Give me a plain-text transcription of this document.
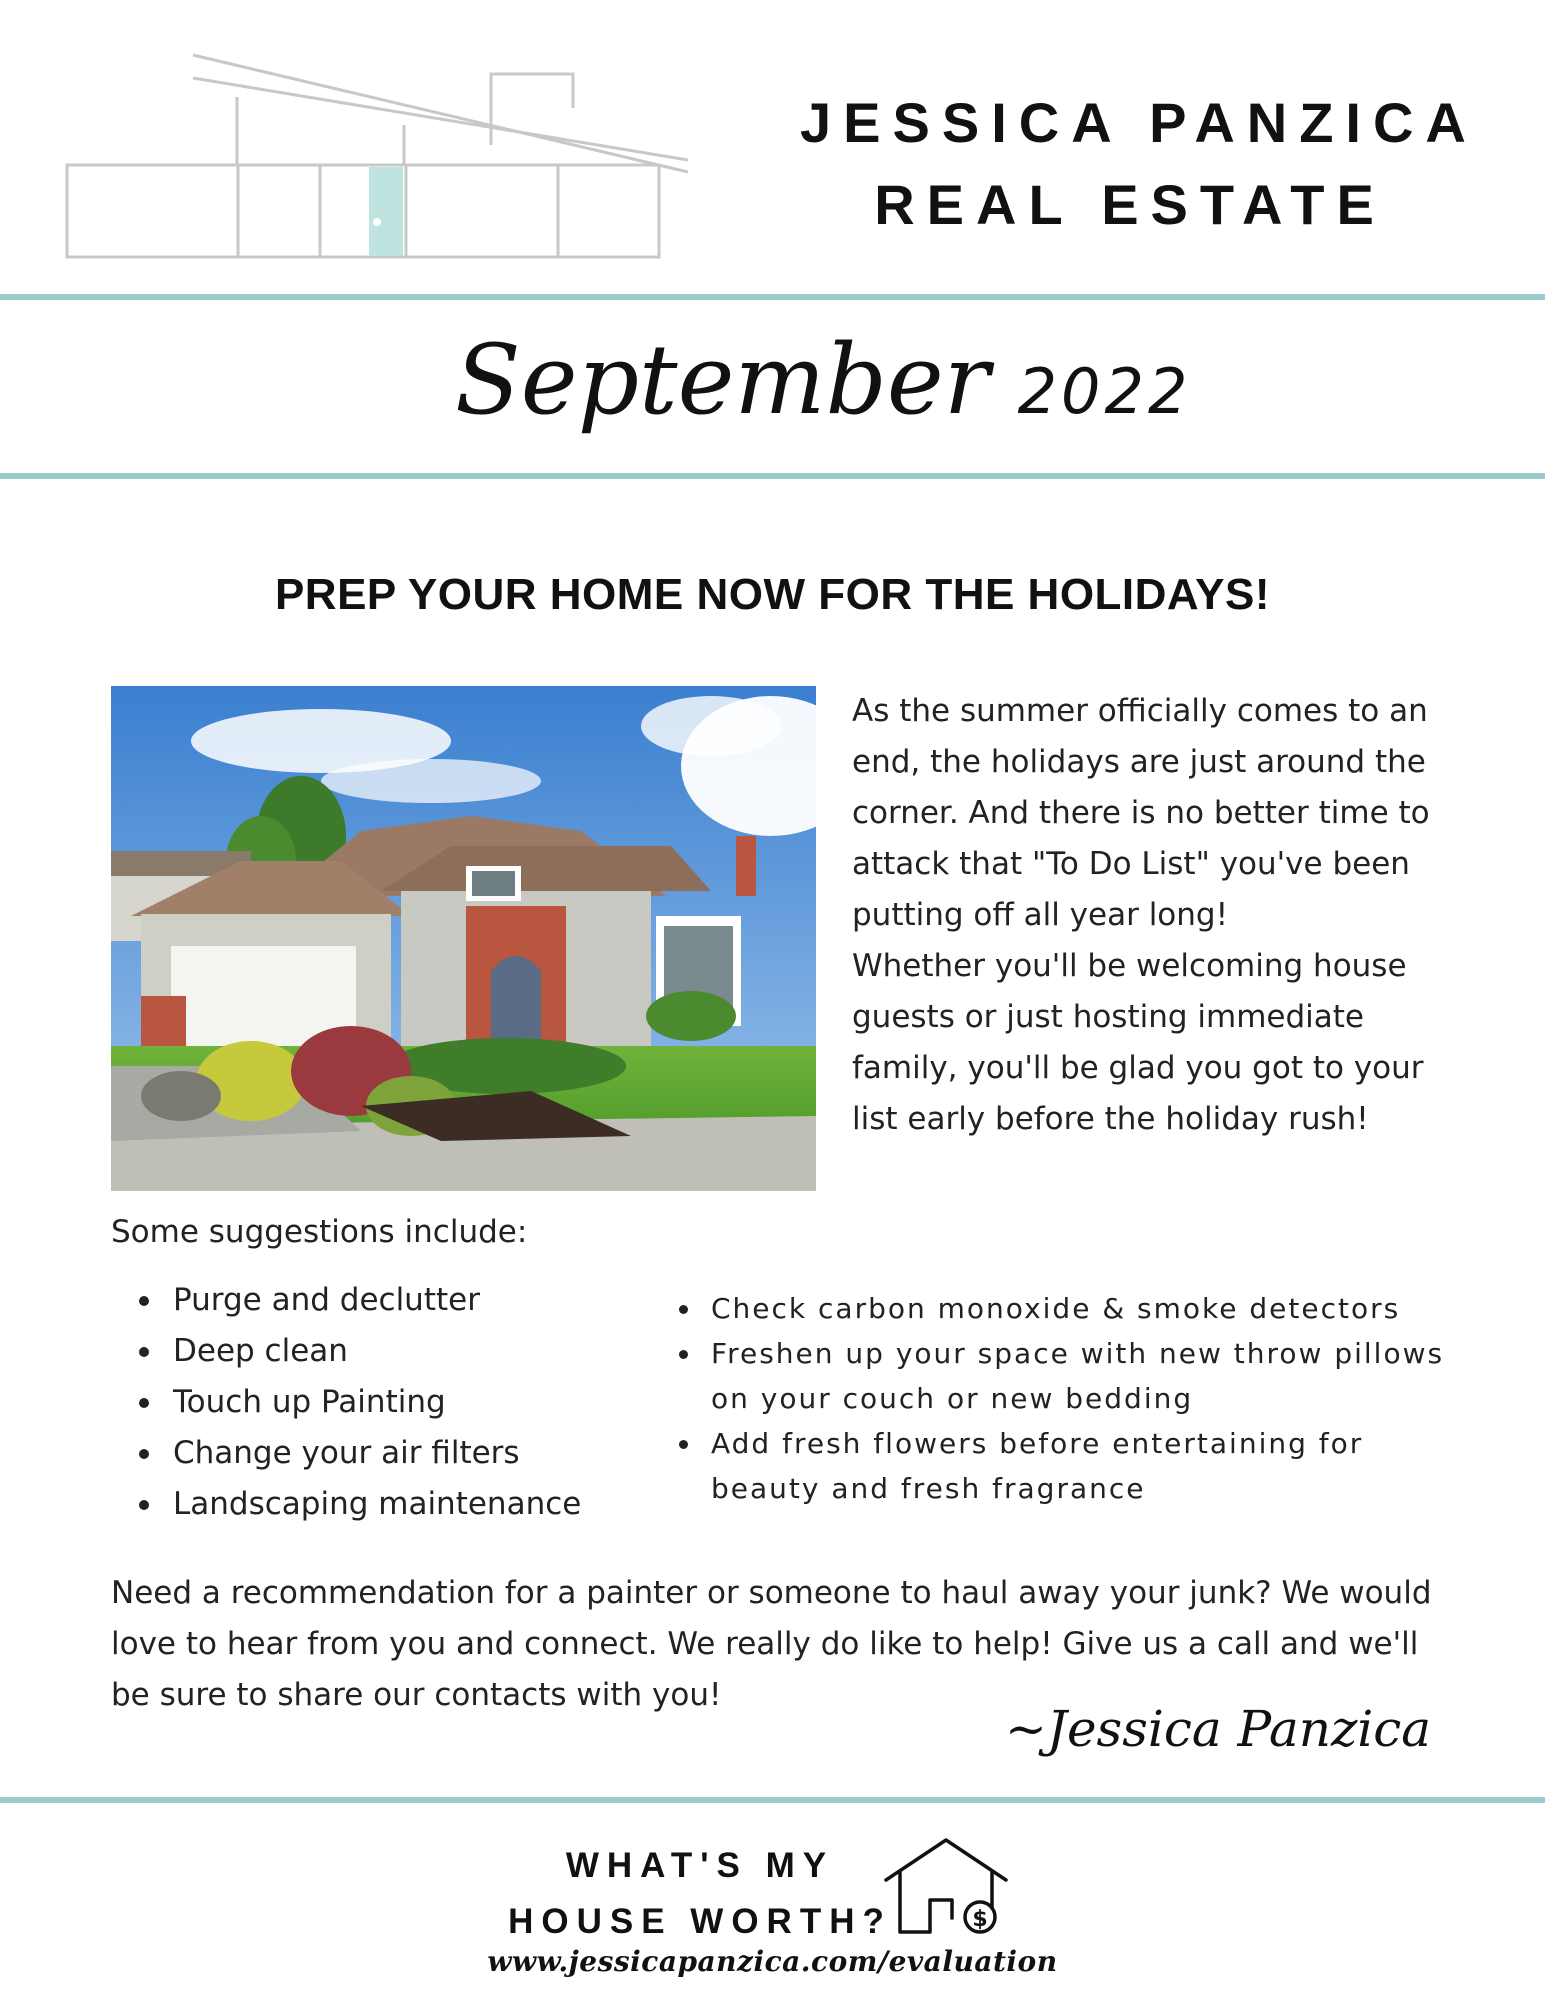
JESSICA PANZICA
REAL ESTATE
September 2022
PREP YOUR HOME NOW FOR THE HOLIDAYS!

As the summer officially comes to an end, the holidays are just around the corner. And there is no better time to attack that "To Do List" you've been putting off all year long!

Whether you'll be welcoming house guests or just hosting immediate family, you'll be glad you got to your list early before the holiday rush!

Some suggestions include:
Purge and declutter
Deep clean
Touch up Painting
Change your air filters
Landscaping maintenance
Check carbon monoxide & smoke detectors
Freshen up your space with new throw pillows on your couch or new bedding
Add fresh flowers before entertaining for beauty and fresh fragrance

Need a recommendation for a painter or someone to haul away your junk? We would love to hear from you and connect. We really do like to help! Give us a call and we'll be sure to share our contacts with you!

~Jessica Panzica
WHAT'S MY
HOUSE WORTH?	$
www.jessicapanzica.com/evaluation
